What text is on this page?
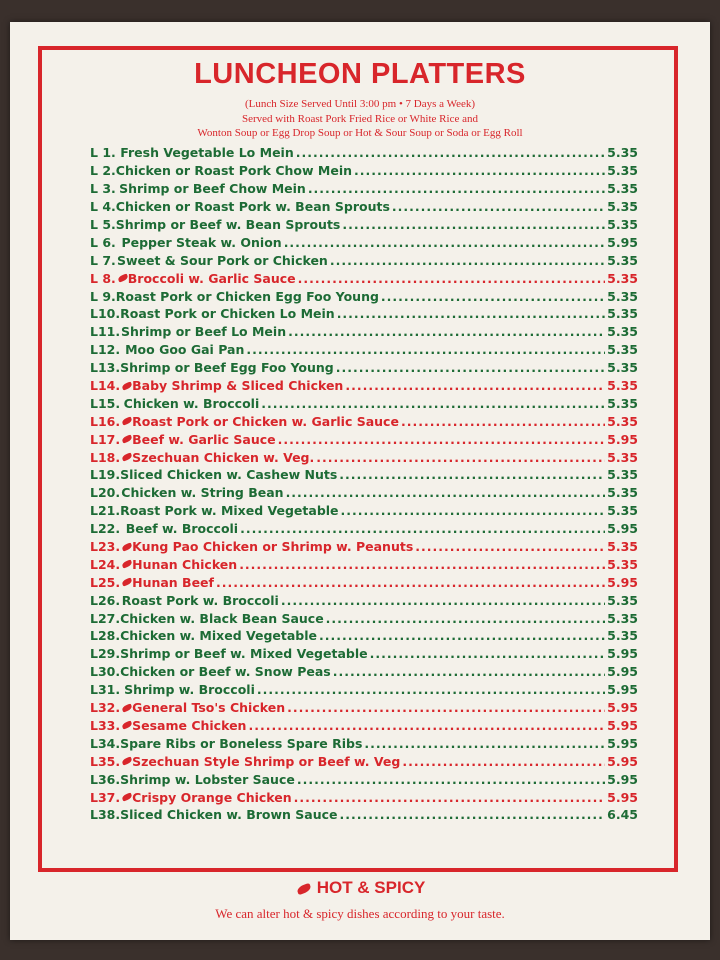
LUNCHEON PLATTERS
(Lunch Size Served Until 3:00 pm • 7 Days a Week)
Served with Roast Pork Fried Rice or White Rice and
Wonton Soup or Egg Drop Soup or Hot & Sour Soup or Soda or Egg Roll
L 1. Fresh Vegetable Lo Mein .....	5.35
L 2. Chicken or Roast Pork Chow Mein .....	5.35
L 3. Shrimp or Beef Chow Mein .....	5.35
L 4. Chicken or Roast Pork w. Bean Sprouts .....	5.35
L 5. Shrimp or Beef w. Bean Sprouts .....	5.35
L 6. Pepper Steak w. Onion .....	5.95
L 7. Sweet & Sour Pork or Chicken .....	5.35
L 8. Broccoli w. Garlic Sauce .....	5.35
L 9. Roast Pork or Chicken Egg Foo Young .....	5.35
L10. Roast Pork or Chicken Lo Mein .....	5.35
L11. Shrimp or Beef Lo Mein .....	5.35
L12. Moo Goo Gai Pan .....	5.35
L13. Shrimp or Beef Egg Foo Young .....	5.35
L14. Baby Shrimp & Sliced Chicken .....	5.35
L15. Chicken w. Broccoli .....	5.35
L16. Roast Pork or Chicken w. Garlic Sauce .....	5.35
L17. Beef w. Garlic Sauce .....	5.95
L18. Szechuan Chicken w. Veg. .....	5.35
L19. Sliced Chicken w. Cashew Nuts .....	5.35
L20. Chicken w. String Bean .....	5.35
L21. Roast Pork w. Mixed Vegetable .....	5.35
L22. Beef w. Broccoli .....	5.95
L23. Kung Pao Chicken or Shrimp w. Peanuts .....	5.35
L24. Hunan Chicken .....	5.35
L25. Hunan Beef .....	5.95
L26. Roast Pork w. Broccoli .....	5.35
L27. Chicken w. Black Bean Sauce .....	5.35
L28. Chicken w. Mixed Vegetable .....	5.35
L29. Shrimp or Beef w. Mixed Vegetable .....	5.95
L30. Chicken or Beef w. Snow Peas .....	5.95
L31. Shrimp w. Broccoli .....	5.95
L32. General Tso's Chicken .....	5.95
L33. Sesame Chicken .....	5.95
L34. Spare Ribs or Boneless Spare Ribs .....	5.95
L35. Szechuan Style Shrimp or Beef w. Veg .....	5.95
L36. Shrimp w. Lobster Sauce .....	5.95
L37. Crispy Orange Chicken .....	5.95
L38. Sliced Chicken w. Brown Sauce .....	6.45
HOT & SPICY
We can alter hot & spicy dishes according to your taste.
